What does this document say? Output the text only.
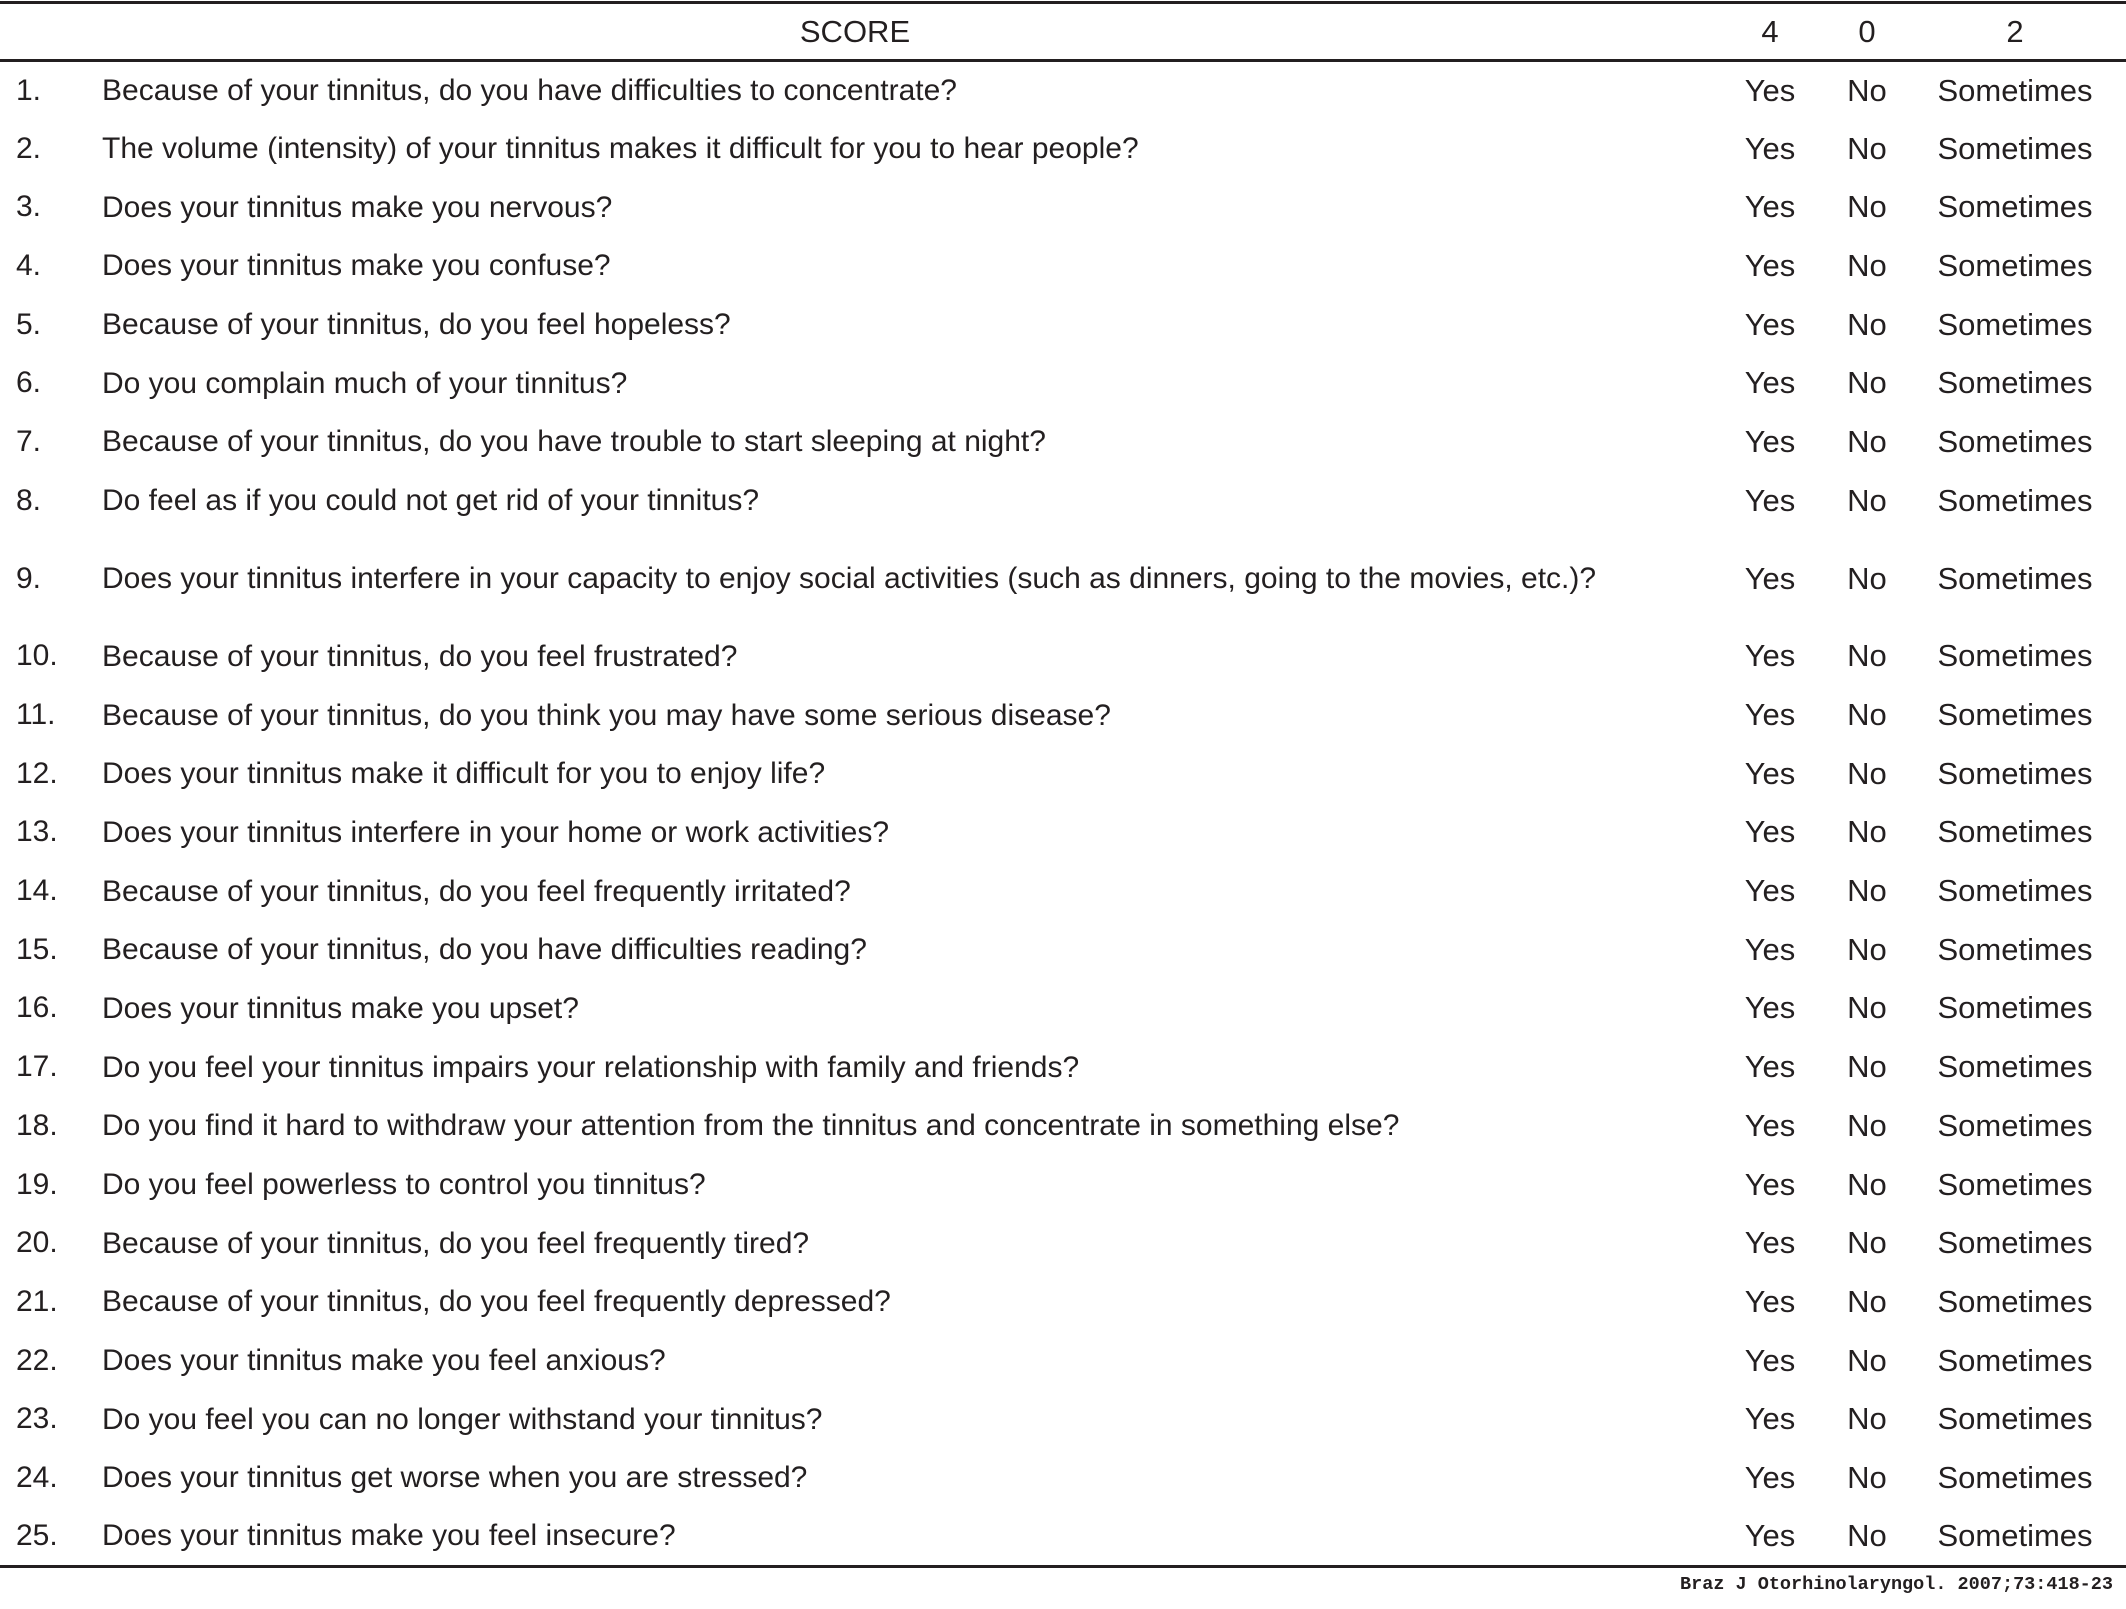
SCORE		4	0	2
1.	Because of your tinnitus, do you have difficulties to concentrate?	Yes	No	Sometimes
2.	The volume (intensity) of your tinnitus makes it difficult for you to hear people?	Yes	No	Sometimes
3.	Does your tinnitus make you nervous?	Yes	No	Sometimes
4.	Does your tinnitus make you confuse?	Yes	No	Sometimes
5.	Because of your tinnitus, do you feel hopeless?	Yes	No	Sometimes
6.	Do you complain much of your tinnitus?	Yes	No	Sometimes
7.	Because of your tinnitus, do you have trouble to start sleeping at night?	Yes	No	Sometimes
8.	Do feel as if you could not get rid of your tinnitus?	Yes	No	Sometimes
9.	Does your tinnitus interfere in your capacity to enjoy social activities (such as dinners, going to the movies, etc.)?	Yes	No	Sometimes
10.	Because of your tinnitus, do you feel frustrated?	Yes	No	Sometimes
11.	Because of your tinnitus, do you think you may have some serious disease?	Yes	No	Sometimes
12.	Does your tinnitus make it difficult for you to enjoy life?	Yes	No	Sometimes
13.	Does your tinnitus interfere in your home or work activities?	Yes	No	Sometimes
14.	Because of your tinnitus, do you feel frequently irritated?	Yes	No	Sometimes
15.	Because of your tinnitus, do you have difficulties reading?	Yes	No	Sometimes
16.	Does your tinnitus make you upset?	Yes	No	Sometimes
17.	Do you feel your tinnitus impairs your relationship with family and friends?	Yes	No	Sometimes
18.	Do you find it hard to withdraw your attention from the tinnitus and concentrate in something else?	Yes	No	Sometimes
19.	Do you feel powerless to control you tinnitus?	Yes	No	Sometimes
20.	Because of your tinnitus, do you feel frequently tired?	Yes	No	Sometimes
21.	Because of your tinnitus, do you feel frequently depressed?	Yes	No	Sometimes
22.	Does your tinnitus make you feel anxious?	Yes	No	Sometimes
23.	Do you feel you can no longer withstand your tinnitus?	Yes	No	Sometimes
24.	Does your tinnitus get worse when you are stressed?	Yes	No	Sometimes
25.	Does your tinnitus make you feel insecure?	Yes	No	Sometimes
Braz J Otorhinolaryngol. 2007;73:418-23
